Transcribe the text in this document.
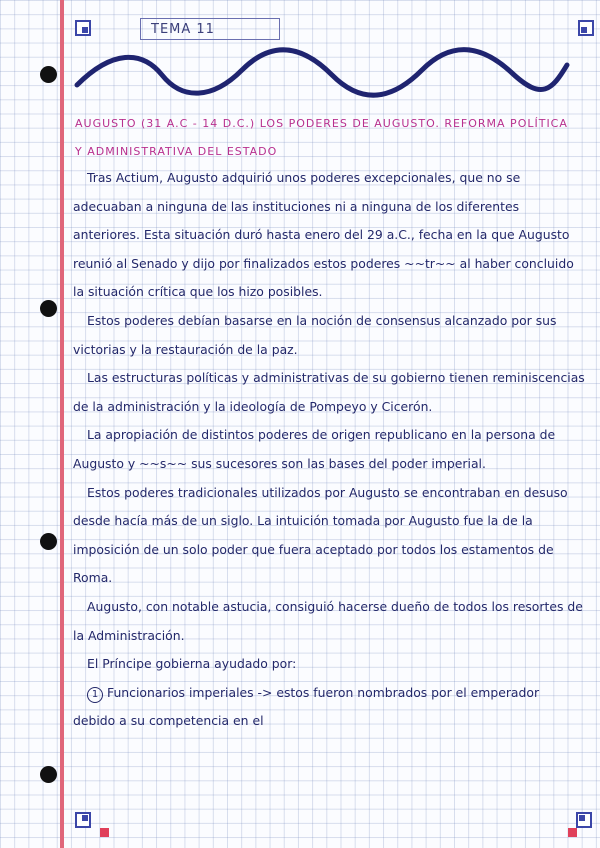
TEMA 11
AUGUSTO (31 A.C - 14 D.C.) LOS PODERES DE AUGUSTO. REFORMA POLÍTICA Y ADMINISTRATIVA DEL ESTADO

Tras Actium, Augusto adquirió unos poderes excepcionales, que no se adecuaban a ninguna de las instituciones ni a ninguna de los diferentes anteriores. Esta situación duró hasta enero del 29 a.C., fecha en la que Augusto reunió al Senado y dijo por finalizados estos poderes ~~tr~~ al haber concluido la situación crítica que los hizo posibles.

Estos poderes debían basarse en la noción de consensus alcanzado por sus victorias y la restauración de la paz.

Las estructuras políticas y administrativas de su gobierno tienen reminiscencias de la administración y la ideología de Pompeyo y Cicerón.

La apropiación de distintos poderes de origen republicano en la persona de Augusto y ~~s~~ sus sucesores son las bases del poder imperial.

Estos poderes tradicionales utilizados por Augusto se encontraban en desuso desde hacía más de un siglo. La intuición tomada por Augusto fue la de la imposición de un solo poder que fuera aceptado por todos los estamentos de Roma.

Augusto, con notable astucia, consiguió hacerse dueño de todos los resortes de la Administración.

El Príncipe gobierna ayudado por:

1 Funcionarios imperiales -> estos fueron nombrados por el emperador debido a su competencia en el
